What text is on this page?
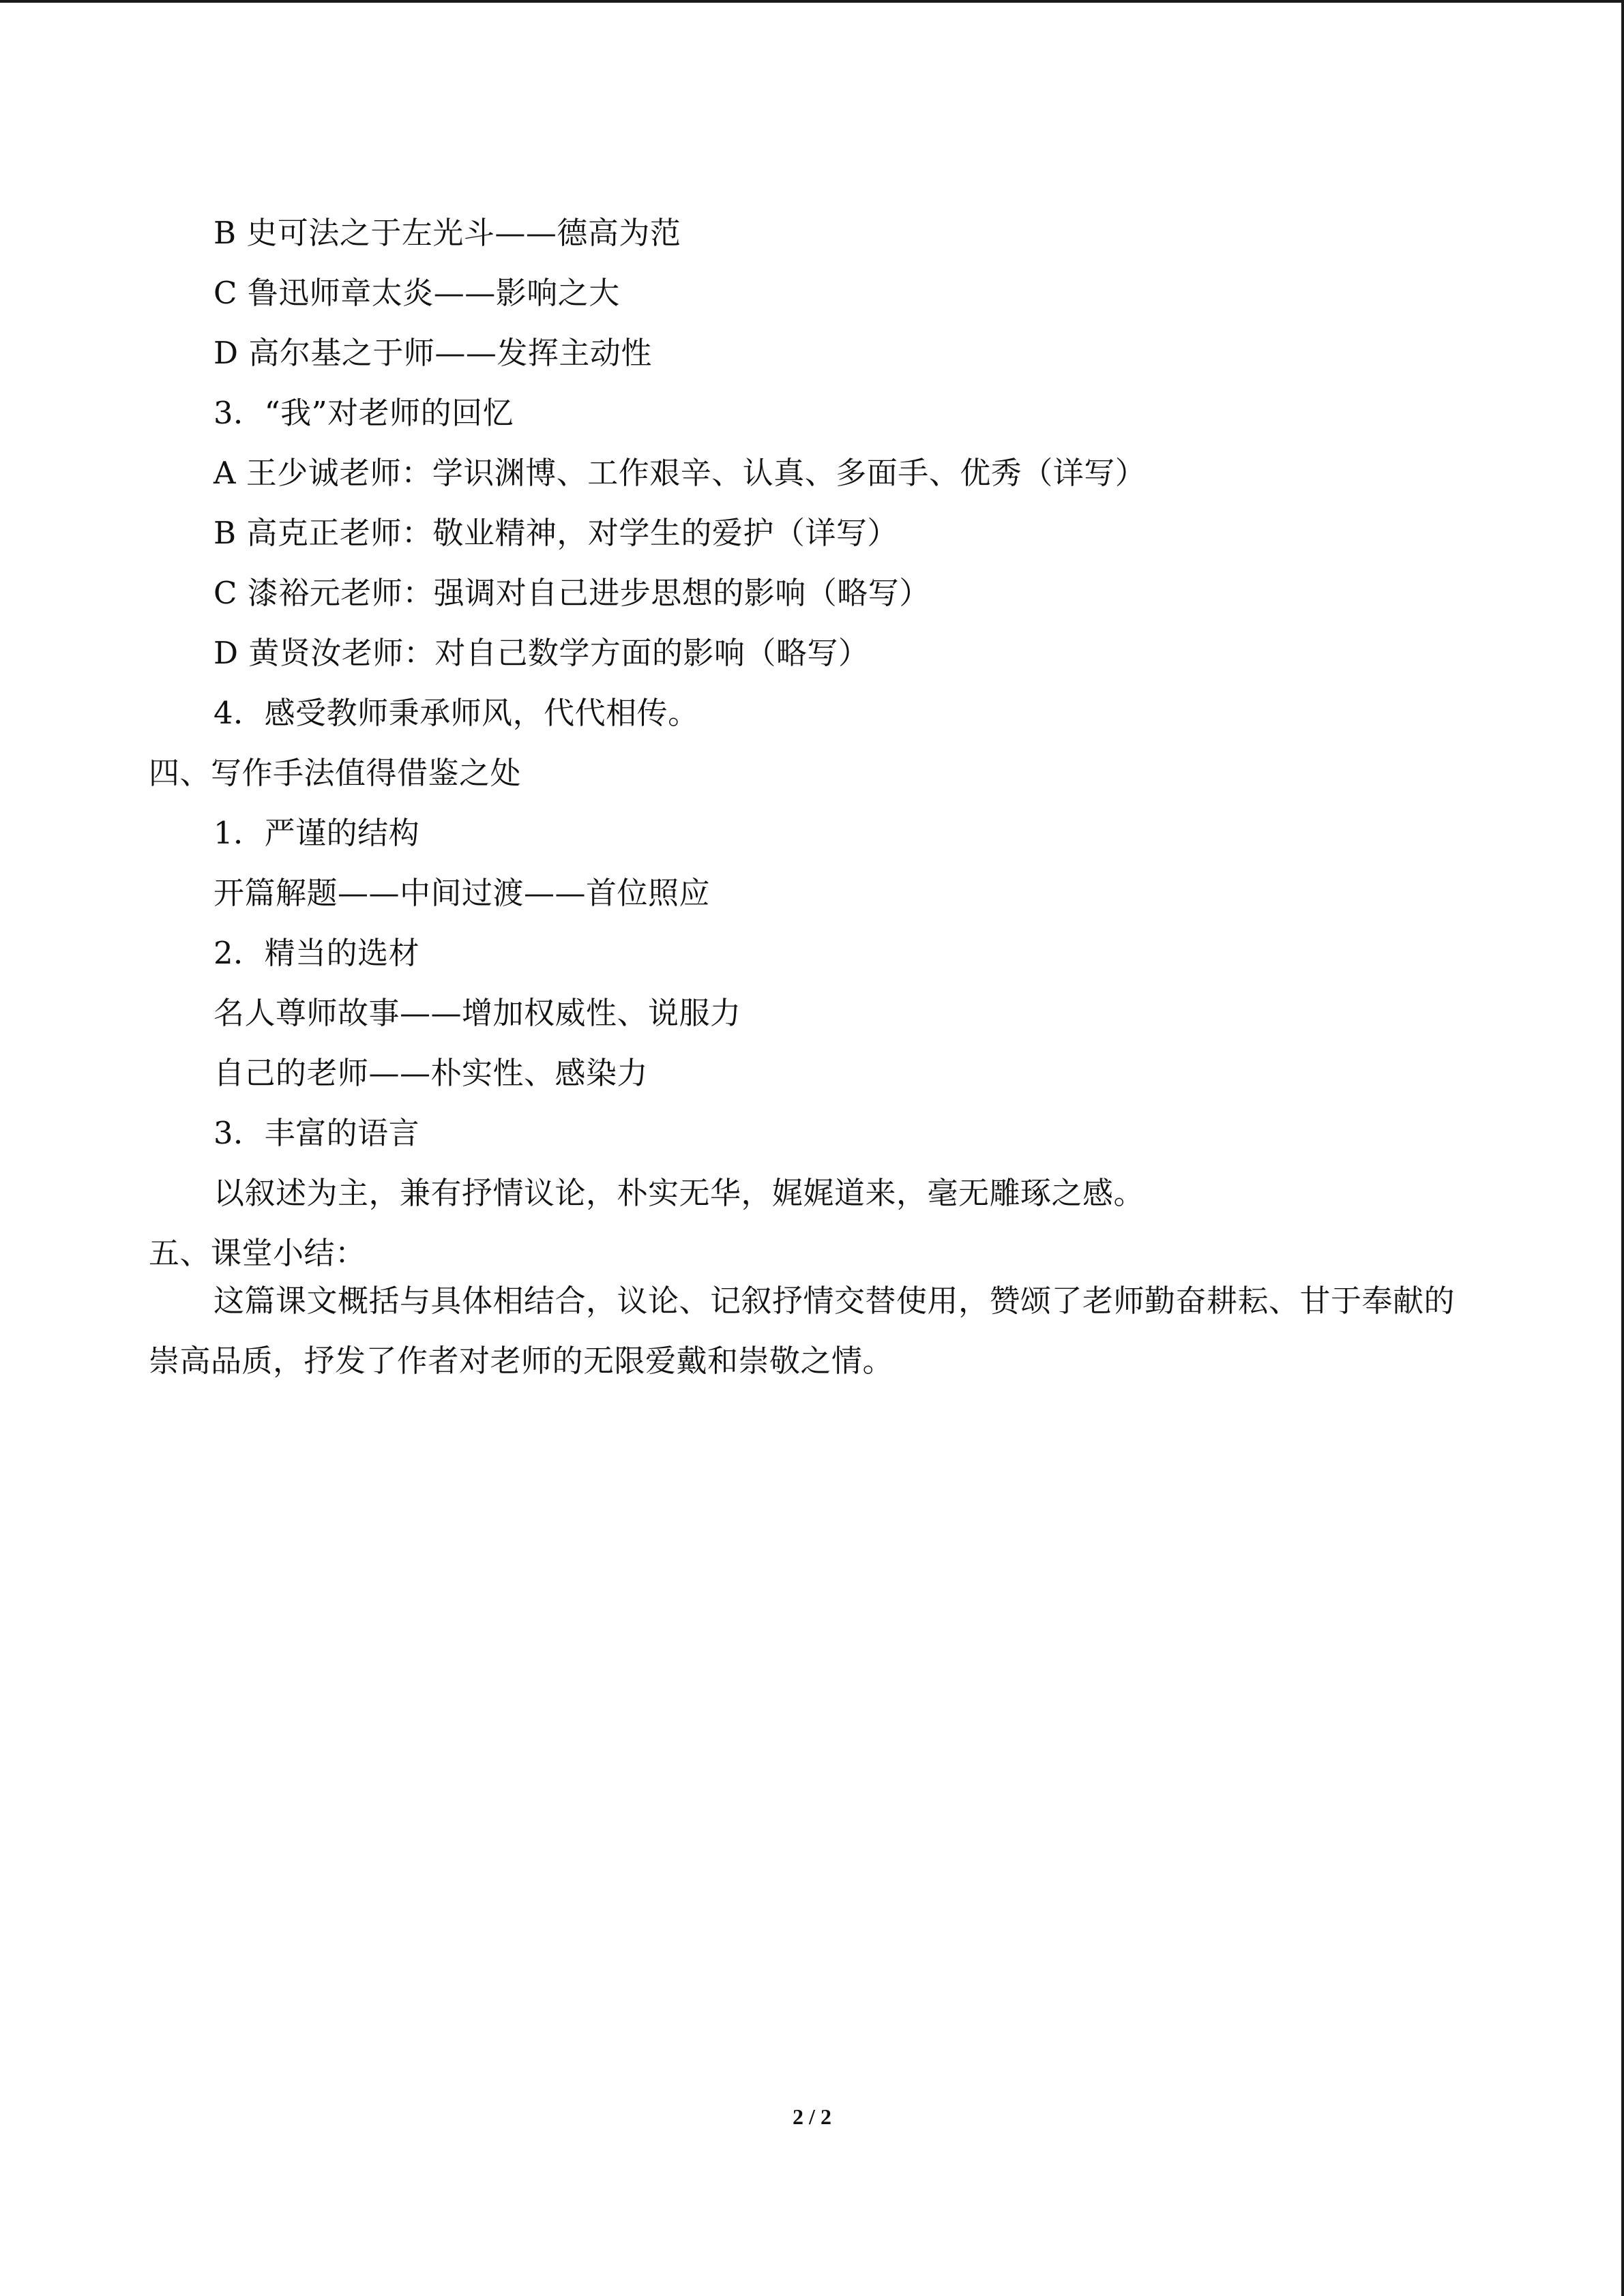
B 史可法之于左光斗——德高为范
C 鲁迅师章太炎——影响之大
D 高尔基之于师——发挥主动性
3．“我”对老师的回忆
A 王少诚老师：学识渊博、工作艰辛、认真、多面手、优秀（详写）
B 高克正老师：敬业精神，对学生的爱护（详写）
C 漆裕元老师：强调对自己进步思想的影响（略写）
D 黄贤汝老师：对自己数学方面的影响（略写）
4．感受教师秉承师风，代代相传。
四、写作手法值得借鉴之处
1．严谨的结构
开篇解题——中间过渡——首位照应
2．精当的选材
名人尊师故事——增加权威性、说服力
自己的老师——朴实性、感染力
3．丰富的语言
以叙述为主，兼有抒情议论，朴实无华，娓娓道来，毫无雕琢之感。
五、课堂小结：
这篇课文概括与具体相结合，议论、记叙抒情交替使用，赞颂了老师勤奋耕耘、甘于奉献的崇高品质，抒发了作者对老师的无限爱戴和崇敬之情。
2 / 2
